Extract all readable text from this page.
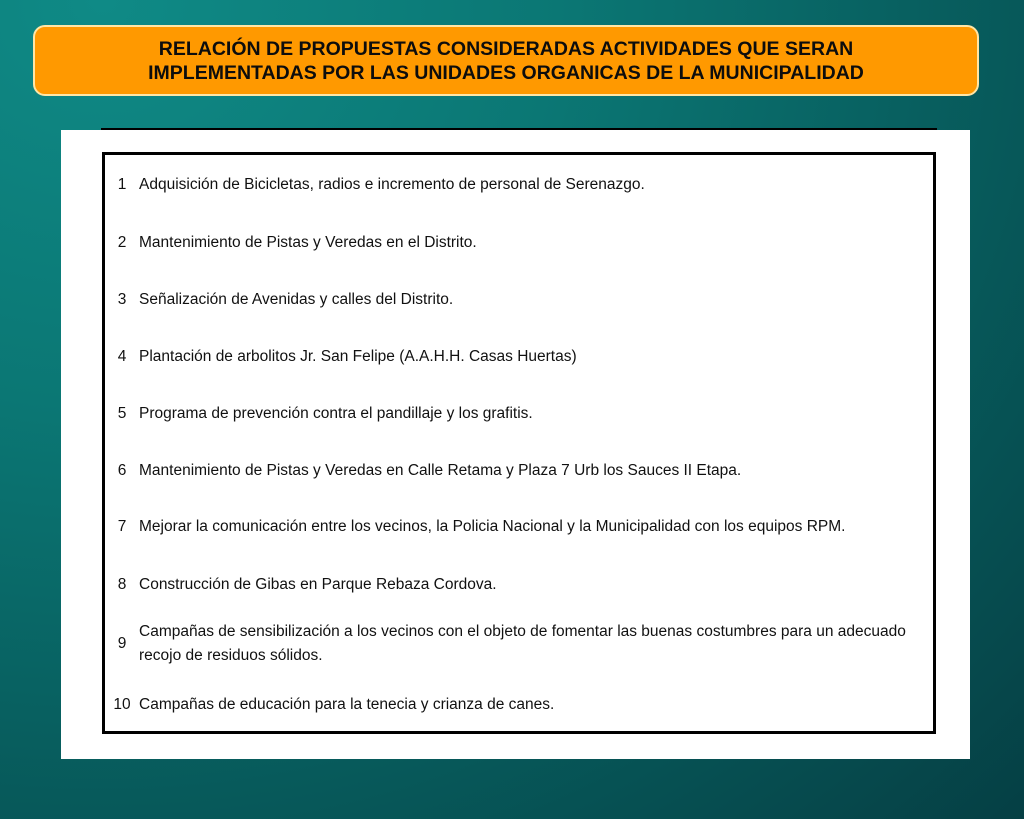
RELACIÓN DE PROPUESTAS CONSIDERADAS ACTIVIDADES QUE SERAN
IMPLEMENTADAS POR LAS UNIDADES ORGANICAS DE LA MUNICIPALIDAD
1 Adquisición de Bicicletas, radios e incremento de personal de Serenazgo.
2 Mantenimiento de Pistas y Veredas en el Distrito.
3 Señalización de Avenidas y calles del Distrito.
4 Plantación de arbolitos Jr. San Felipe (A.A.H.H. Casas Huertas)
5 Programa de prevención contra el pandillaje y los grafitis.
6 Mantenimiento de Pistas y Veredas en Calle Retama y Plaza 7 Urb los Sauces II Etapa.
7 Mejorar la comunicación entre los vecinos, la Policia Nacional y la Municipalidad con los equipos RPM.
8 Construcción de Gibas en Parque Rebaza Cordova.
9
Campañas de sensibilización a los vecinos con el objeto de fomentar las buenas costumbres para un adecuado recojo de residuos sólidos.
10 Campañas de educación para la tenecia y crianza de canes.
